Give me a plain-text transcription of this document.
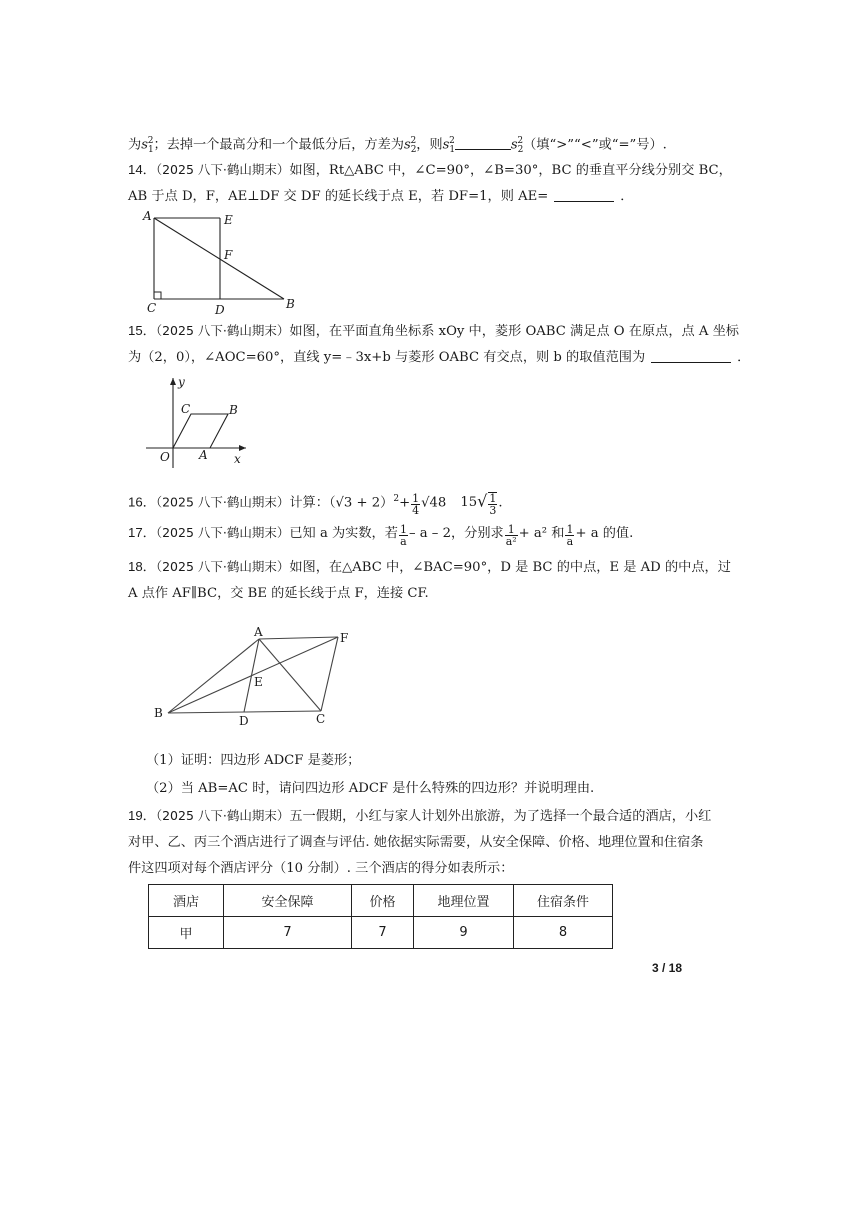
为$s_1^2$；去掉一个最高分和一个最低分后，方差为$s_2^2$，则$s_1^2$	$s_2^2$（填“>”“<”或“=”号）.
14．（2025 八下·鹤山期末）如图，Rt△ABC 中，∠C=90°，∠B=30°，BC 的垂直平分线分别交 BC，
AB 于点 D，F，AE⊥DF 交 DF 的延长线于点 E，若 DF=1，则 AE=	．
A	E
F
C	D	B
15．（2025 八下·鹤山期末）如图，在平面直角坐标系 xOy 中，菱形 OABC 满足点 O 在原点，点 A 坐标
为（2，0），∠AOC=60°，直线 y=﹣3x+b 与菱形 OABC 有交点，则 b 的取值范围为	．
y
x
O A
B
C
16．（2025 八下·鹤山期末）计算：$(√3 + 2)^2+ \frac{1}{4} √48$ $15√ \frac{1}{3}$ .
17．（2025 八下·鹤山期末）已知 a 为实数，若 $\frac{1}{a}$ – a – 2，分别求 $\frac{1}{\text{a²}} + a^2$ 和 $\frac{1}{a} + a$ 的值.
18．（2025 八下·鹤山期末）如图，在△ABC 中，∠BAC=90°，D 是 BC 的中点，E 是 AD 的中点，过
A 点作 AF∥BC，交 BE 的延长线于点 F，连接 CF.
A	F
E
B
D	C
（1）证明：四边形 ADCF 是菱形；
（2）当 AB=AC 时，请问四边形 ADCF 是什么特殊的四边形？并说明理由.
19．（2025 八下·鹤山期末）五一假期，小红与家人计划外出旅游，为了选择一个最合适的酒店，小红
对甲、乙、丙三个酒店进行了调查与评估. 她依据实际需要，从安全保障、价格、地理位置和住宿条
件这四项对每个酒店评分（10 分制）. 三个酒店的得分如表所示：
酒店	安全保障	价格	地理位置	住宿条件
甲	7	7	9	8
3 / 18
